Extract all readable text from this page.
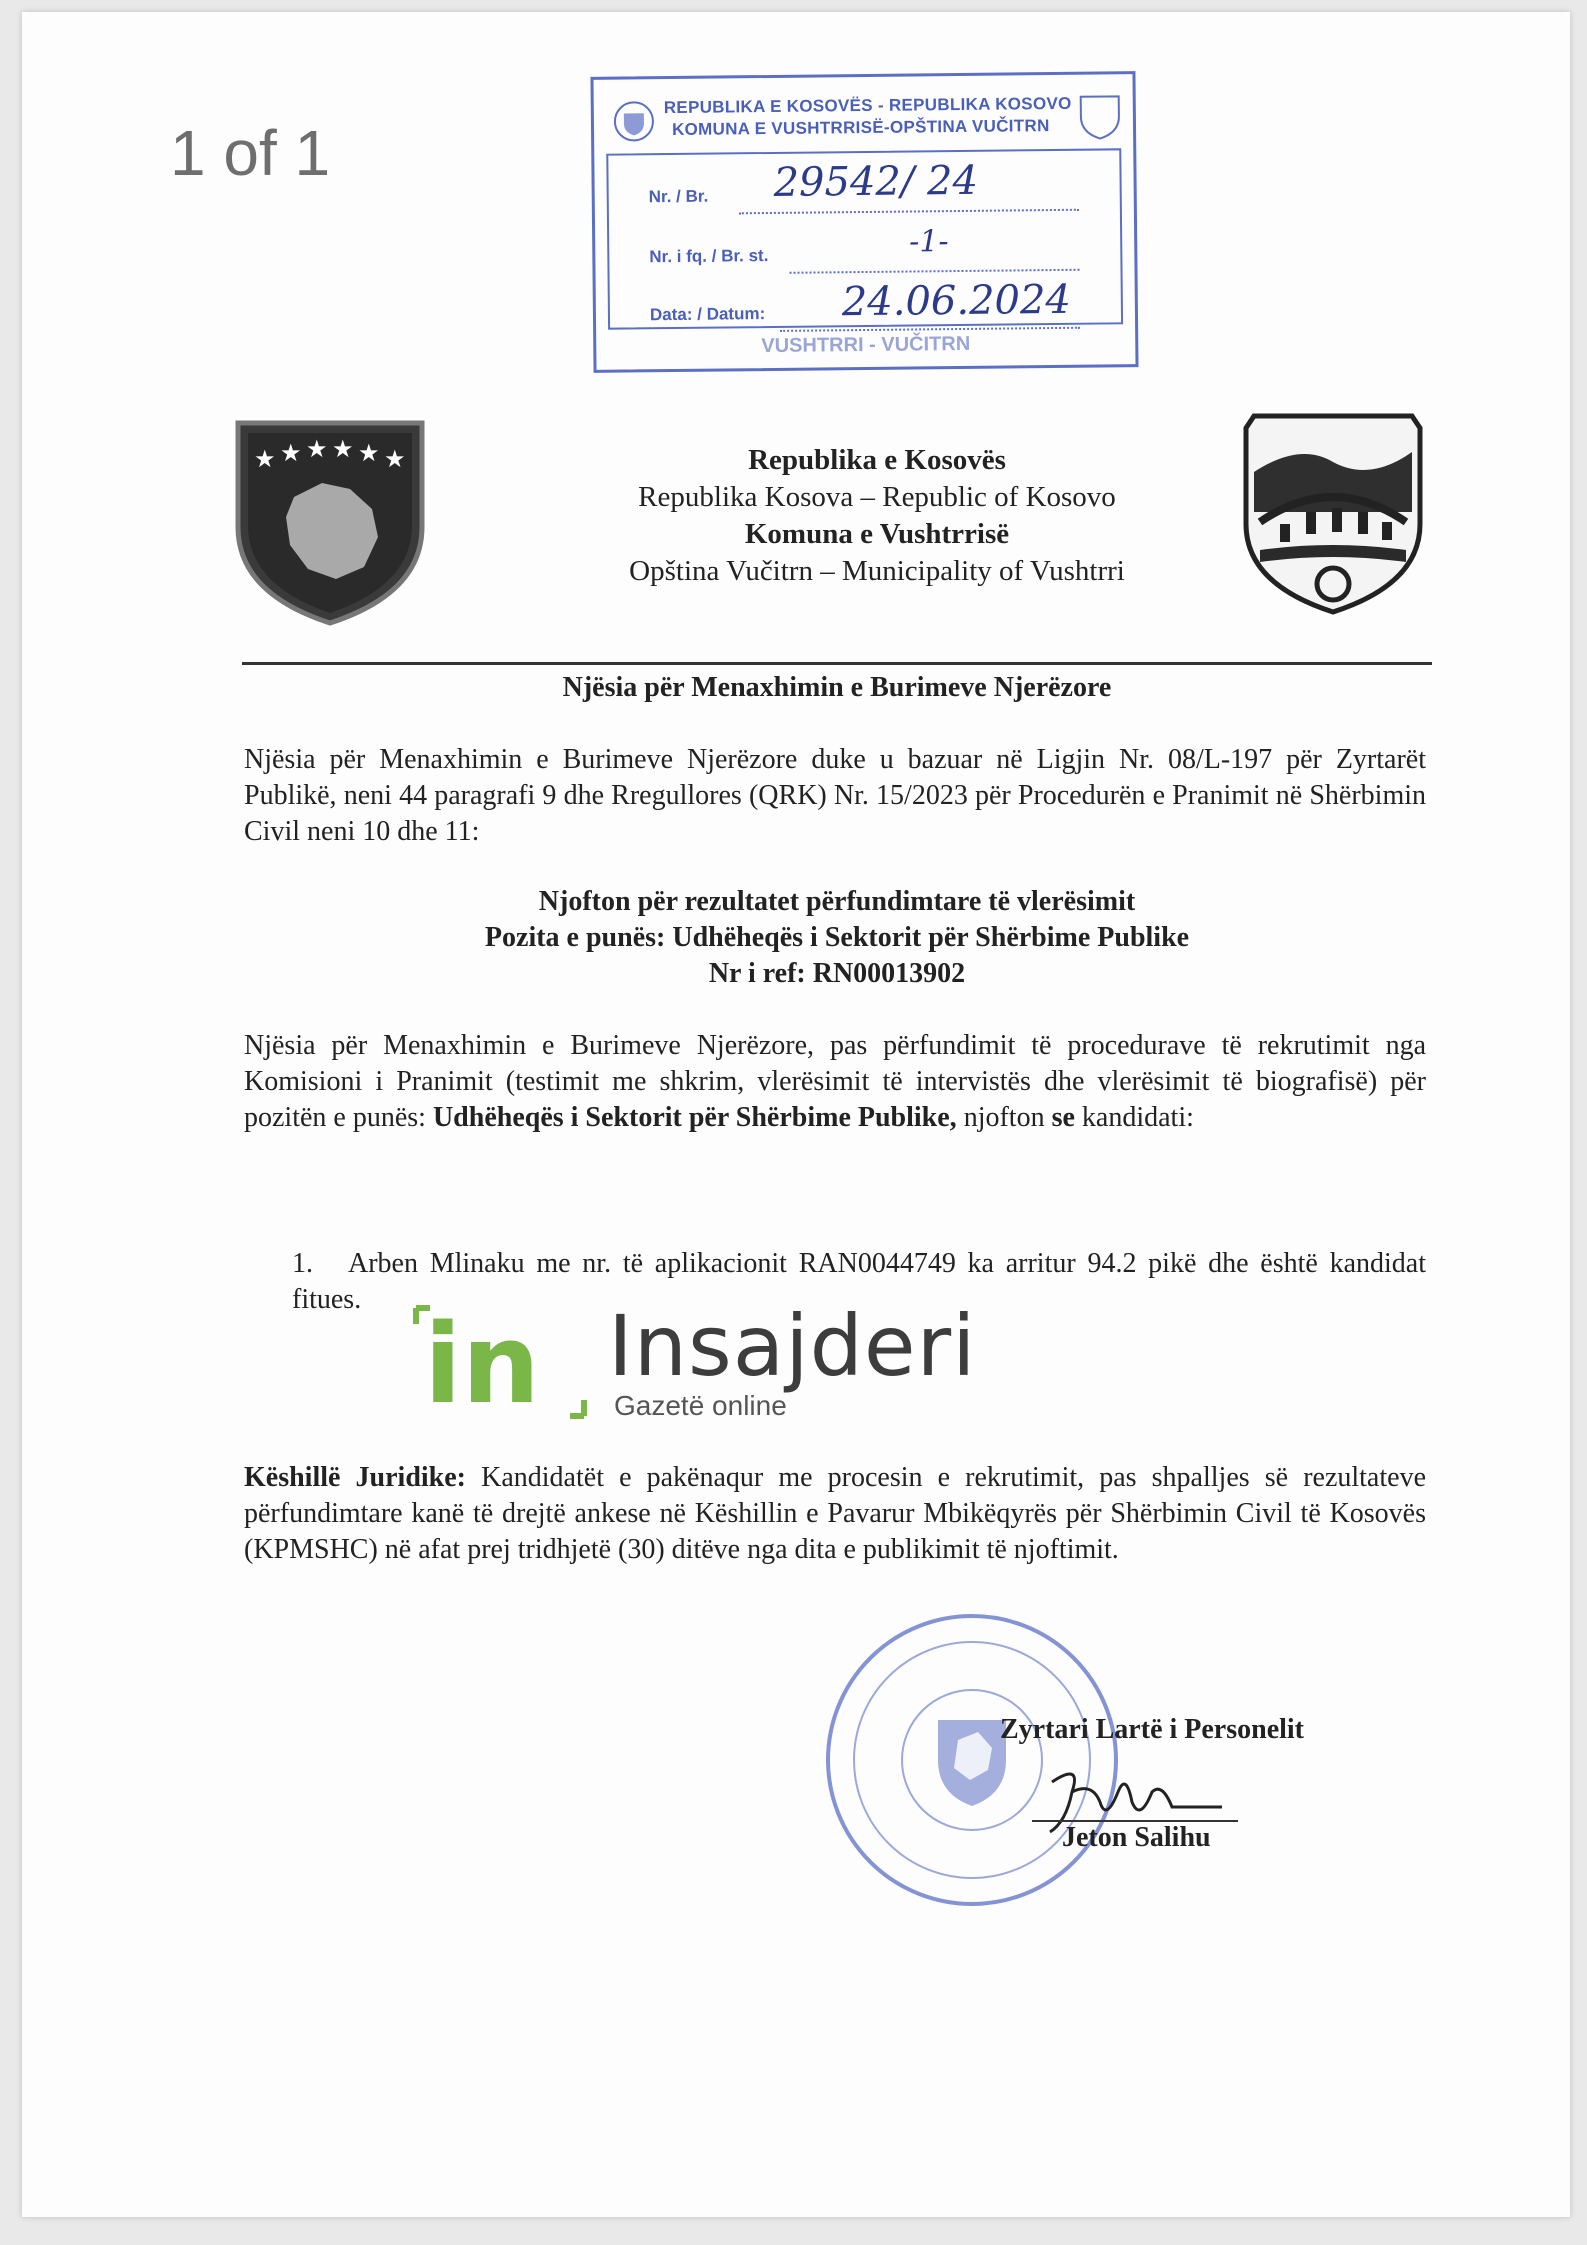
1 of 1
REPUBLIKA E KOSOVËS - REPUBLIKA KOSOVO
KOMUNA E VUSHTRRISË-OPŠTINA VUČITRN
Nr. / Br. 29542/ 24
Nr. i fq. / Br. st.	-1-
Data: / Datum: 24.06.2024
VUSHTRRI - VUČITRN
★ ★ ★ ★ ★ ★	Republika e Kosovës
Republika Kosova – Republic of Kosovo
Komuna e Vushtrrisë
Opština Vučitrn – Municipality of Vushtrri
Njësia për Menaxhimin e Burimeve Njerëzore
Njësia për Menaxhimin e Burimeve Njerëzore duke u bazuar në Ligjin Nr. 08/L-197 për Zyrtarët Publikë, neni 44 paragrafi 9 dhe Rregullores (QRK) Nr. 15/2023 për Procedurën e Pranimit në Shërbimin Civil neni 10 dhe 11:
Njofton për rezultatet përfundimtare të vlerësimit
Pozita e punës: Udhëheqës i Sektorit për Shërbime Publike
Nr i ref: RN00013902
Njësia për Menaxhimin e Burimeve Njerëzore, pas përfundimit të procedurave të rekrutimit nga Komisioni i Pranimit (testimit me shkrim, vlerësimit të intervistës dhe vlerësimit të biografisë) për pozitën e punës: Udhëheqës i Sektorit për Shërbime Publike, njofton se kandidati:
1. Arben Mlinaku me nr. të aplikacionit RAN0044749 ka arritur 94.2 pikë dhe është kandidat fitues.
in Insajderi
Gazetë online
Këshillë Juridike: Kandidatët e pakënaqur me procesin e rekrutimit, pas shpalljes së rezultateve përfundimtare kanë të drejtë ankese në Këshillin e Pavarur Mbikëqyrës për Shërbimin Civil të Kosovës (KPMSHC) në afat prej tridhjetë (30) ditëve nga dita e publikimit të njoftimit.
Zyrtari Lartë i Personelit
Jeton Salihu
